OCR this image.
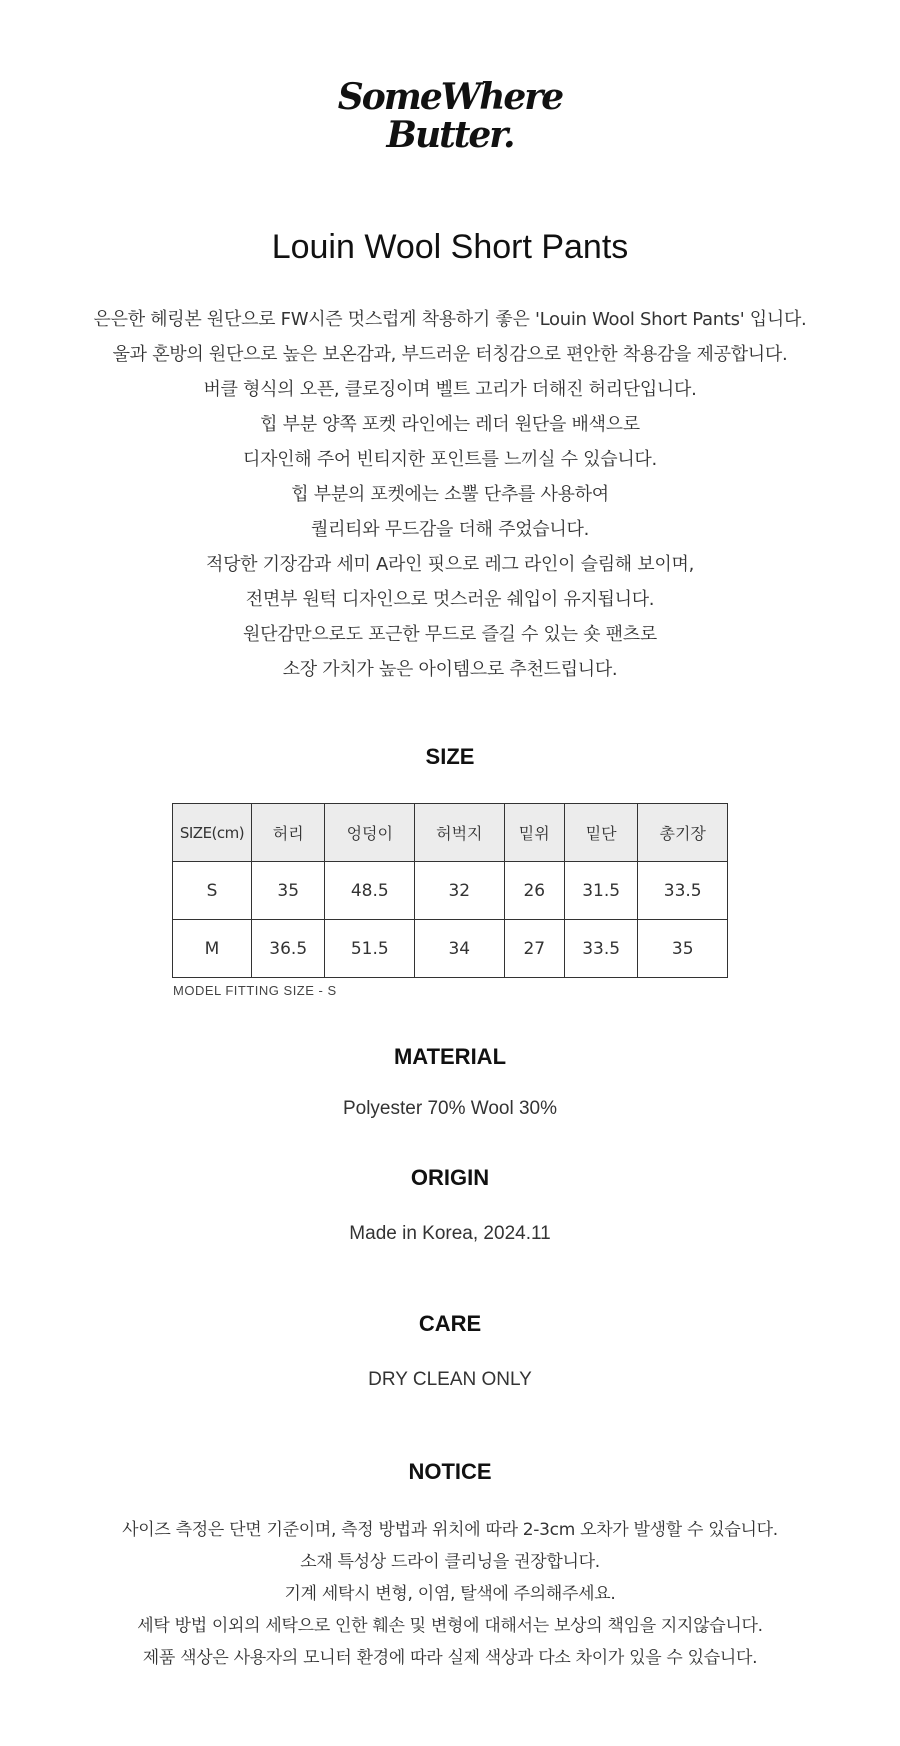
SomeWhere
Butter.
Louin Wool Short Pants
은은한 헤링본 원단으로 FW시즌 멋스럽게 착용하기 좋은 'Louin Wool Short Pants' 입니다.
울과 혼방의 원단으로 높은 보온감과, 부드러운 터칭감으로 편안한 착용감을 제공합니다.
버클 형식의 오픈, 클로징이며 벨트 고리가 더해진 허리단입니다.
힙 부분 양쪽 포켓 라인에는 레더 원단을 배색으로
디자인해 주어 빈티지한 포인트를 느끼실 수 있습니다.
힙 부분의 포켓에는 소뿔 단추를 사용하여
퀄리티와 무드감을 더해 주었습니다.
적당한 기장감과 세미 A라인 핏으로 레그 라인이 슬림해 보이며,
전면부 원턱 디자인으로 멋스러운 쉐입이 유지됩니다.
원단감만으로도 포근한 무드로 즐길 수 있는 숏 팬츠로
소장 가치가 높은 아이템으로 추천드립니다.
SIZE
SIZE(cm)	허리	엉덩이	허벅지	밑위	밑단	총기장
S	35	48.5	32	26	31.5	33.5
M	36.5	51.5	34	27	33.5	35
MODEL FITTING SIZE - S
MATERIAL
Polyester 70% Wool 30%
ORIGIN
Made in Korea, 2024.11
CARE
DRY CLEAN ONLY
NOTICE
사이즈 측정은 단면 기준이며, 측정 방법과 위치에 따라 2-3cm 오차가 발생할 수 있습니다.
소재 특성상 드라이 클리닝을 권장합니다.
기계 세탁시 변형, 이염, 탈색에 주의해주세요.
세탁 방법 이외의 세탁으로 인한 훼손 및 변형에 대해서는 보상의 책임을 지지않습니다.
제품 색상은 사용자의 모니터 환경에 따라 실제 색상과 다소 차이가 있을 수 있습니다.
